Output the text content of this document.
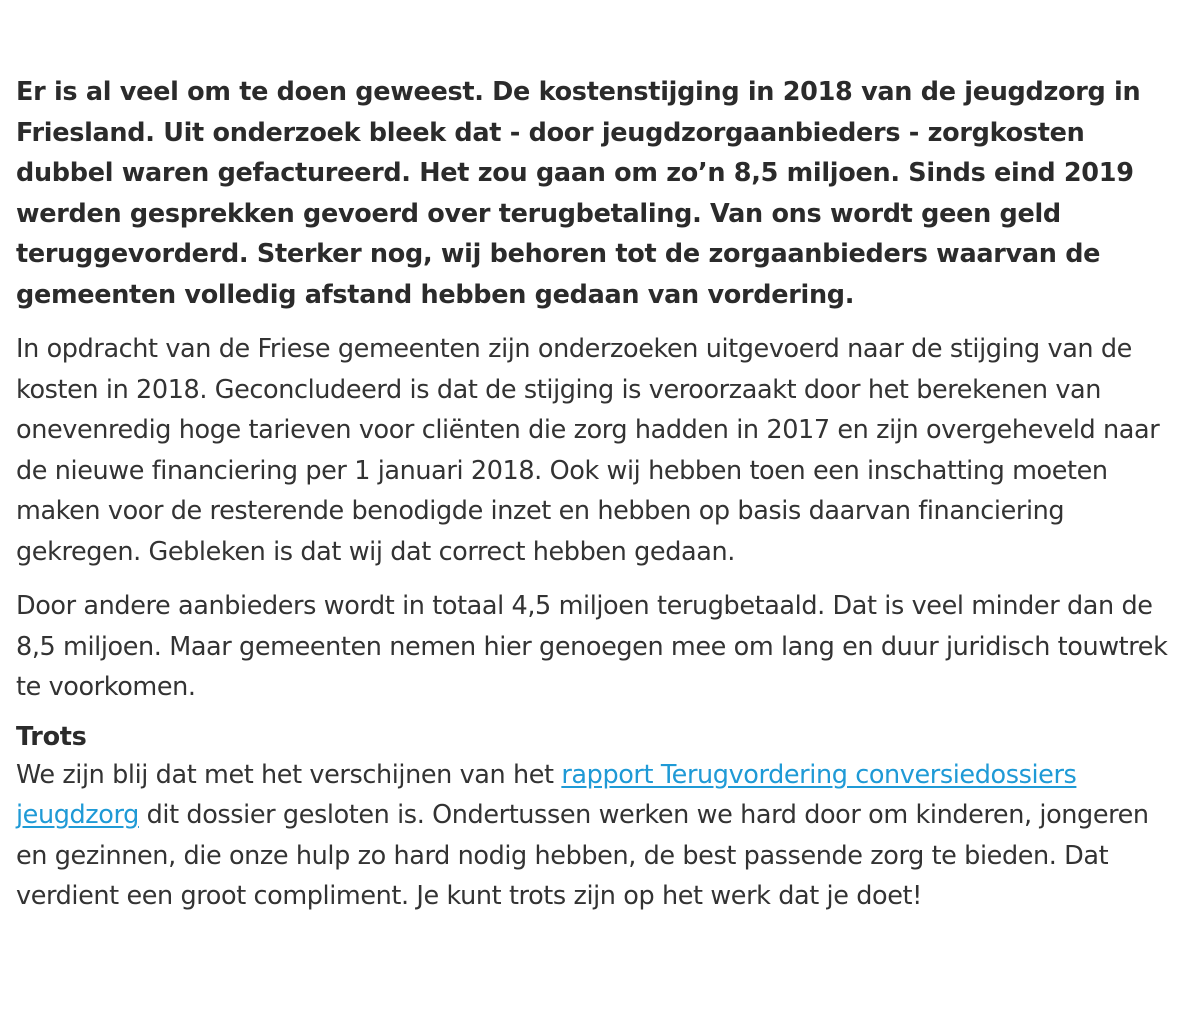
Er is al veel om te doen geweest. De kostenstijging in 2018 van de jeugdzorg in Friesland. Uit onderzoek bleek dat - door jeugdzorgaanbieders - zorgkosten dubbel waren gefactureerd. Het zou gaan om zo’n 8,5 miljoen. Sinds eind 2019 werden gesprekken gevoerd over terugbetaling. Van ons wordt geen geld teruggevorderd. Sterker nog, wij behoren tot de zorgaanbieders waarvan de gemeenten volledig afstand hebben gedaan van vordering.

In opdracht van de Friese gemeenten zijn onderzoeken uitgevoerd naar de stijging van de kosten in 2018. Geconcludeerd is dat de stijging is veroorzaakt door het berekenen van onevenredig hoge tarieven voor cliënten die zorg hadden in 2017 en zijn overgeheveld naar de nieuwe financiering per 1 januari 2018. Ook wij hebben toen een inschatting moeten maken voor de resterende benodigde inzet en hebben op basis daarvan financiering gekregen. Gebleken is dat wij dat correct hebben gedaan.

Door andere aanbieders wordt in totaal 4,5 miljoen terugbetaald. Dat is veel minder dan de 8,5 miljoen. Maar gemeenten nemen hier genoegen mee om lang en duur juridisch touwtrek te voorkomen.

Trots

We zijn blij dat met het verschijnen van het rapport Terugvordering conversiedossiers jeugdzorg dit dossier gesloten is. Ondertussen werken we hard door om kinderen, jongeren en gezinnen, die onze hulp zo hard nodig hebben, de best passende zorg te bieden. Dat verdient een groot compliment. Je kunt trots zijn op het werk dat je doet!
